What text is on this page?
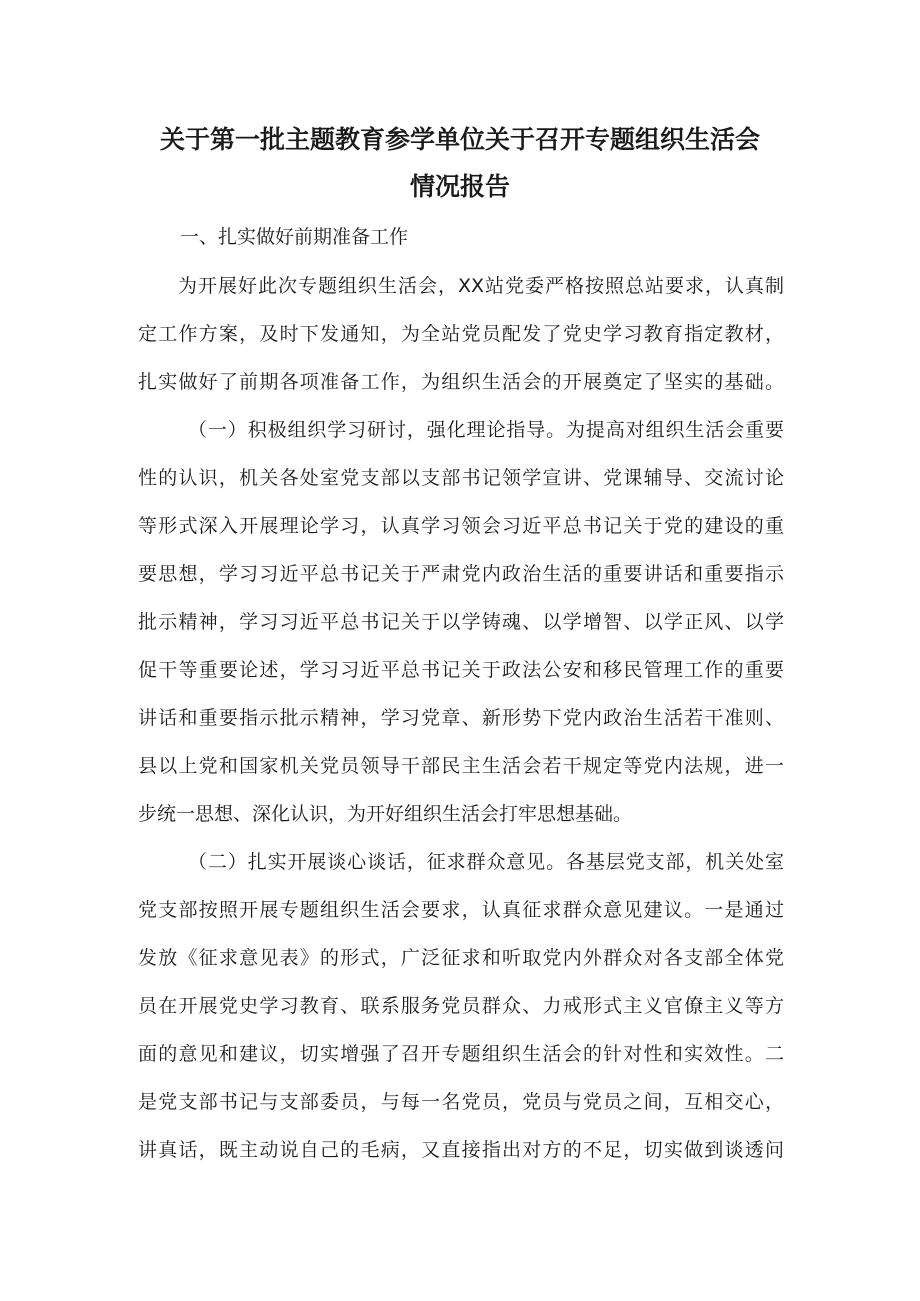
关于第一批主题教育参学单位关于召开专题组织生活会
情况报告
一、扎实做好前期准备工作
为开展好此次专题组织生活会，XX站党委严格按照总站要求，认真制
定工作方案，及时下发通知，为全站党员配发了党史学习教育指定教材，
扎实做好了前期各项准备工作，为组织生活会的开展奠定了坚实的基础。
（一）积极组织学习研讨，强化理论指导。为提高对组织生活会重要
性的认识，机关各处室党支部以支部书记领学宣讲、党课辅导、交流讨论
等形式深入开展理论学习，认真学习领会习近平总书记关于党的建设的重
要思想，学习习近平总书记关于严肃党内政治生活的重要讲话和重要指示
批示精神，学习习近平总书记关于以学铸魂、以学增智、以学正风、以学
促干等重要论述，学习习近平总书记关于政法公安和移民管理工作的重要
讲话和重要指示批示精神，学习党章、新形势下党内政治生活若干准则、
县以上党和国家机关党员领导干部民主生活会若干规定等党内法规，进一
步统一思想、深化认识，为开好组织生活会打牢思想基础。
（二）扎实开展谈心谈话，征求群众意见。各基层党支部，机关处室
党支部按照开展专题组织生活会要求，认真征求群众意见建议。一是通过
发放《征求意见表》的形式，广泛征求和听取党内外群众对各支部全体党
员在开展党史学习教育、联系服务党员群众、力戒形式主义官僚主义等方
面的意见和建议，切实增强了召开专题组织生活会的针对性和实效性。二
是党支部书记与支部委员，与每一名党员，党员与党员之间，互相交心，
讲真话，既主动说自己的毛病，又直接指出对方的不足，切实做到谈透问
